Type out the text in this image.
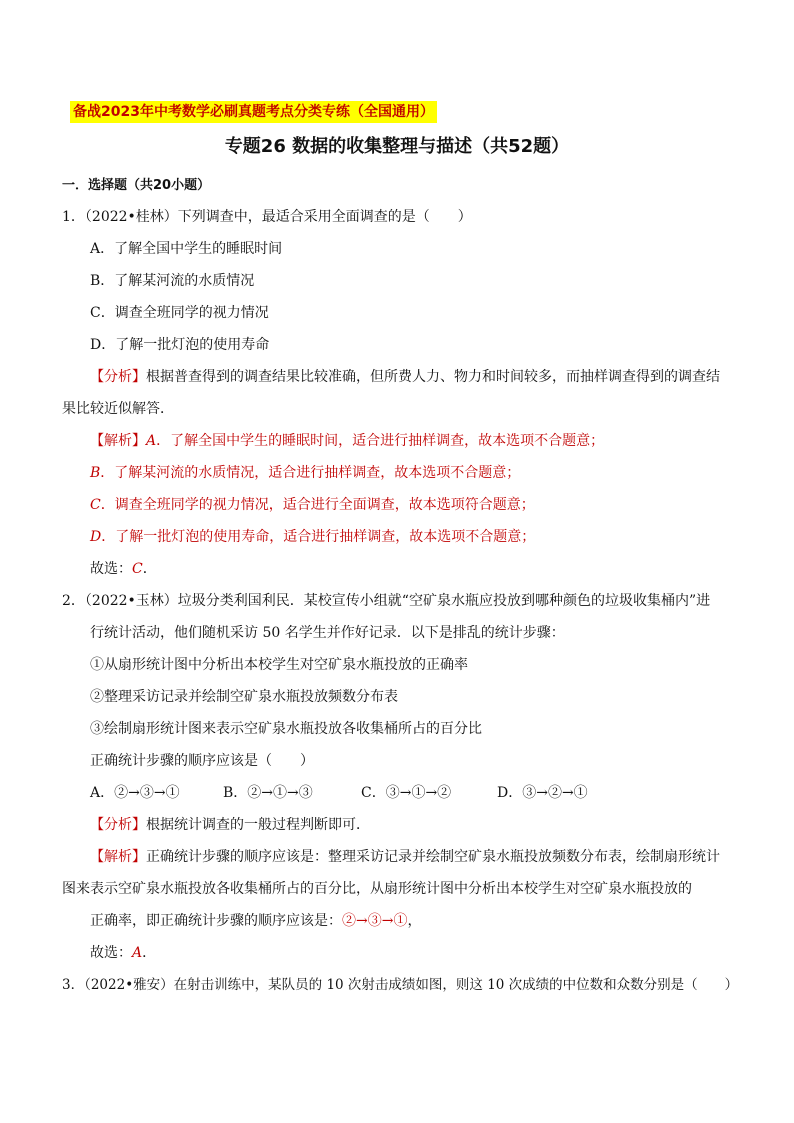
备战2023年中考数学必刷真题考点分类专练（全国通用）
专题26 数据的收集整理与描述（共52题）
一．选择题（共20小题）
1．（2022•桂林）下列调查中，最适合采用全面调查的是（　　）
A．了解全国中学生的睡眠时间
B．了解某河流的水质情况
C．调查全班同学的视力情况
D．了解一批灯泡的使用寿命
【分析】根据普查得到的调查结果比较准确，但所费人力、物力和时间较多，而抽样调查得到的调查结
果比较近似解答．
【解析】A．了解全国中学生的睡眠时间，适合进行抽样调查，故本选项不合题意；
B．了解某河流的水质情况，适合进行抽样调查，故本选项不合题意；
C．调查全班同学的视力情况，适合进行全面调查，故本选项符合题意；
D．了解一批灯泡的使用寿命，适合进行抽样调查，故本选项不合题意；
故选：C．
2．（2022•玉林）垃圾分类利国利民．某校宣传小组就“空矿泉水瓶应投放到哪种颜色的垃圾收集桶内”进
行统计活动，他们随机采访 50 名学生并作好记录．以下是排乱的统计步骤：
①从扇形统计图中分析出本校学生对空矿泉水瓶投放的正确率
②整理采访记录并绘制空矿泉水瓶投放频数分布表
③绘制扇形统计图来表示空矿泉水瓶投放各收集桶所占的百分比
正确统计步骤的顺序应该是（　　）
A．②→③→①	B．②→①→③	C．③→①→②	D．③→②→①
【分析】根据统计调查的一般过程判断即可．
【解析】正确统计步骤的顺序应该是：整理采访记录并绘制空矿泉水瓶投放频数分布表，绘制扇形统计
图来表示空矿泉水瓶投放各收集桶所占的百分比，从扇形统计图中分析出本校学生对空矿泉水瓶投放的
正确率，即正确统计步骤的顺序应该是：②→③→①，
故选：A．
3．（2022•雅安）在射击训练中，某队员的 10 次射击成绩如图，则这 10 次成绩的中位数和众数分别是（　　）
